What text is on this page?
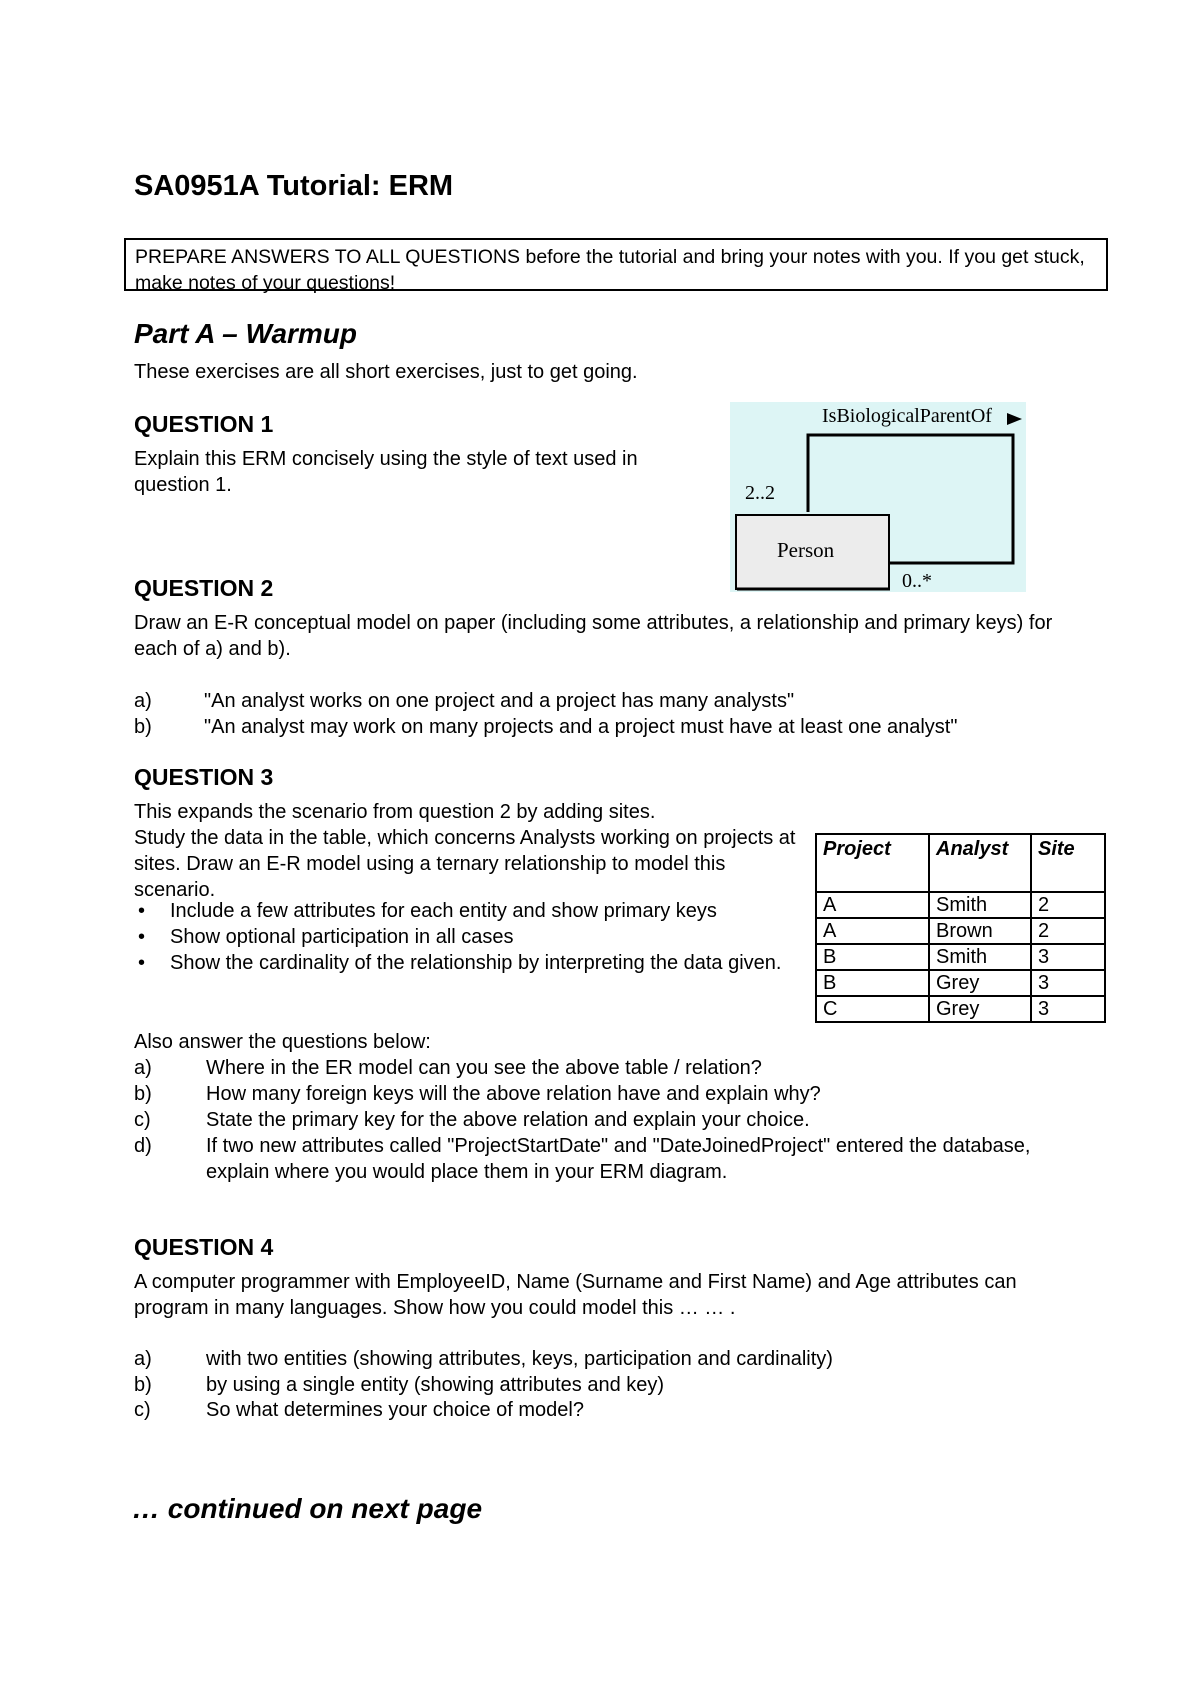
SA0951A Tutorial: ERM
PREPARE ANSWERS TO ALL QUESTIONS before the tutorial and bring your notes with you. If you get stuck, make notes of your questions!
Part A – Warmup
These exercises are all short exercises, just to get going.
QUESTION 1
Explain this ERM concisely using the style of text used in question 1.
IsBiologicalParentOf
2..2
Person
0..*
QUESTION 2
Draw an E-R conceptual model on paper (including some attributes, a relationship and primary keys) for each of a) and b).
a)	"An analyst works on one project and a project has many analysts"
b)	"An analyst may work on many projects and a project must have at least one analyst"
QUESTION 3
This expands the scenario from question 2 by adding sites.
Study the data in the table, which concerns Analysts working on projects at sites. Draw an E-R model using a ternary relationship to model this scenario.
•	Include a few attributes for each entity and show primary keys
•	Show optional participation in all cases
•	Show the cardinality of the relationship by interpreting the data given.
Project	Analyst	Site
A	Smith	2
A	Brown	2
B	Smith	3
B	Grey	3
C	Grey	3
Also answer the questions below:
a)	Where in the ER model can you see the above table / relation?
b)	How many foreign keys will the above relation have and explain why?
c)	State the primary key for the above relation and explain your choice.
d)	If two new attributes called "ProjectStartDate" and "DateJoinedProject" entered the database, explain where you would place them in your ERM diagram.
QUESTION 4
A computer programmer with EmployeeID, Name (Surname and First Name) and Age attributes can program in many languages. Show how you could model this … … .
a)	with two entities (showing attributes, keys, participation and cardinality)
b)	by using a single entity (showing attributes and key)
c)	So what determines your choice of model?
… continued on next page
